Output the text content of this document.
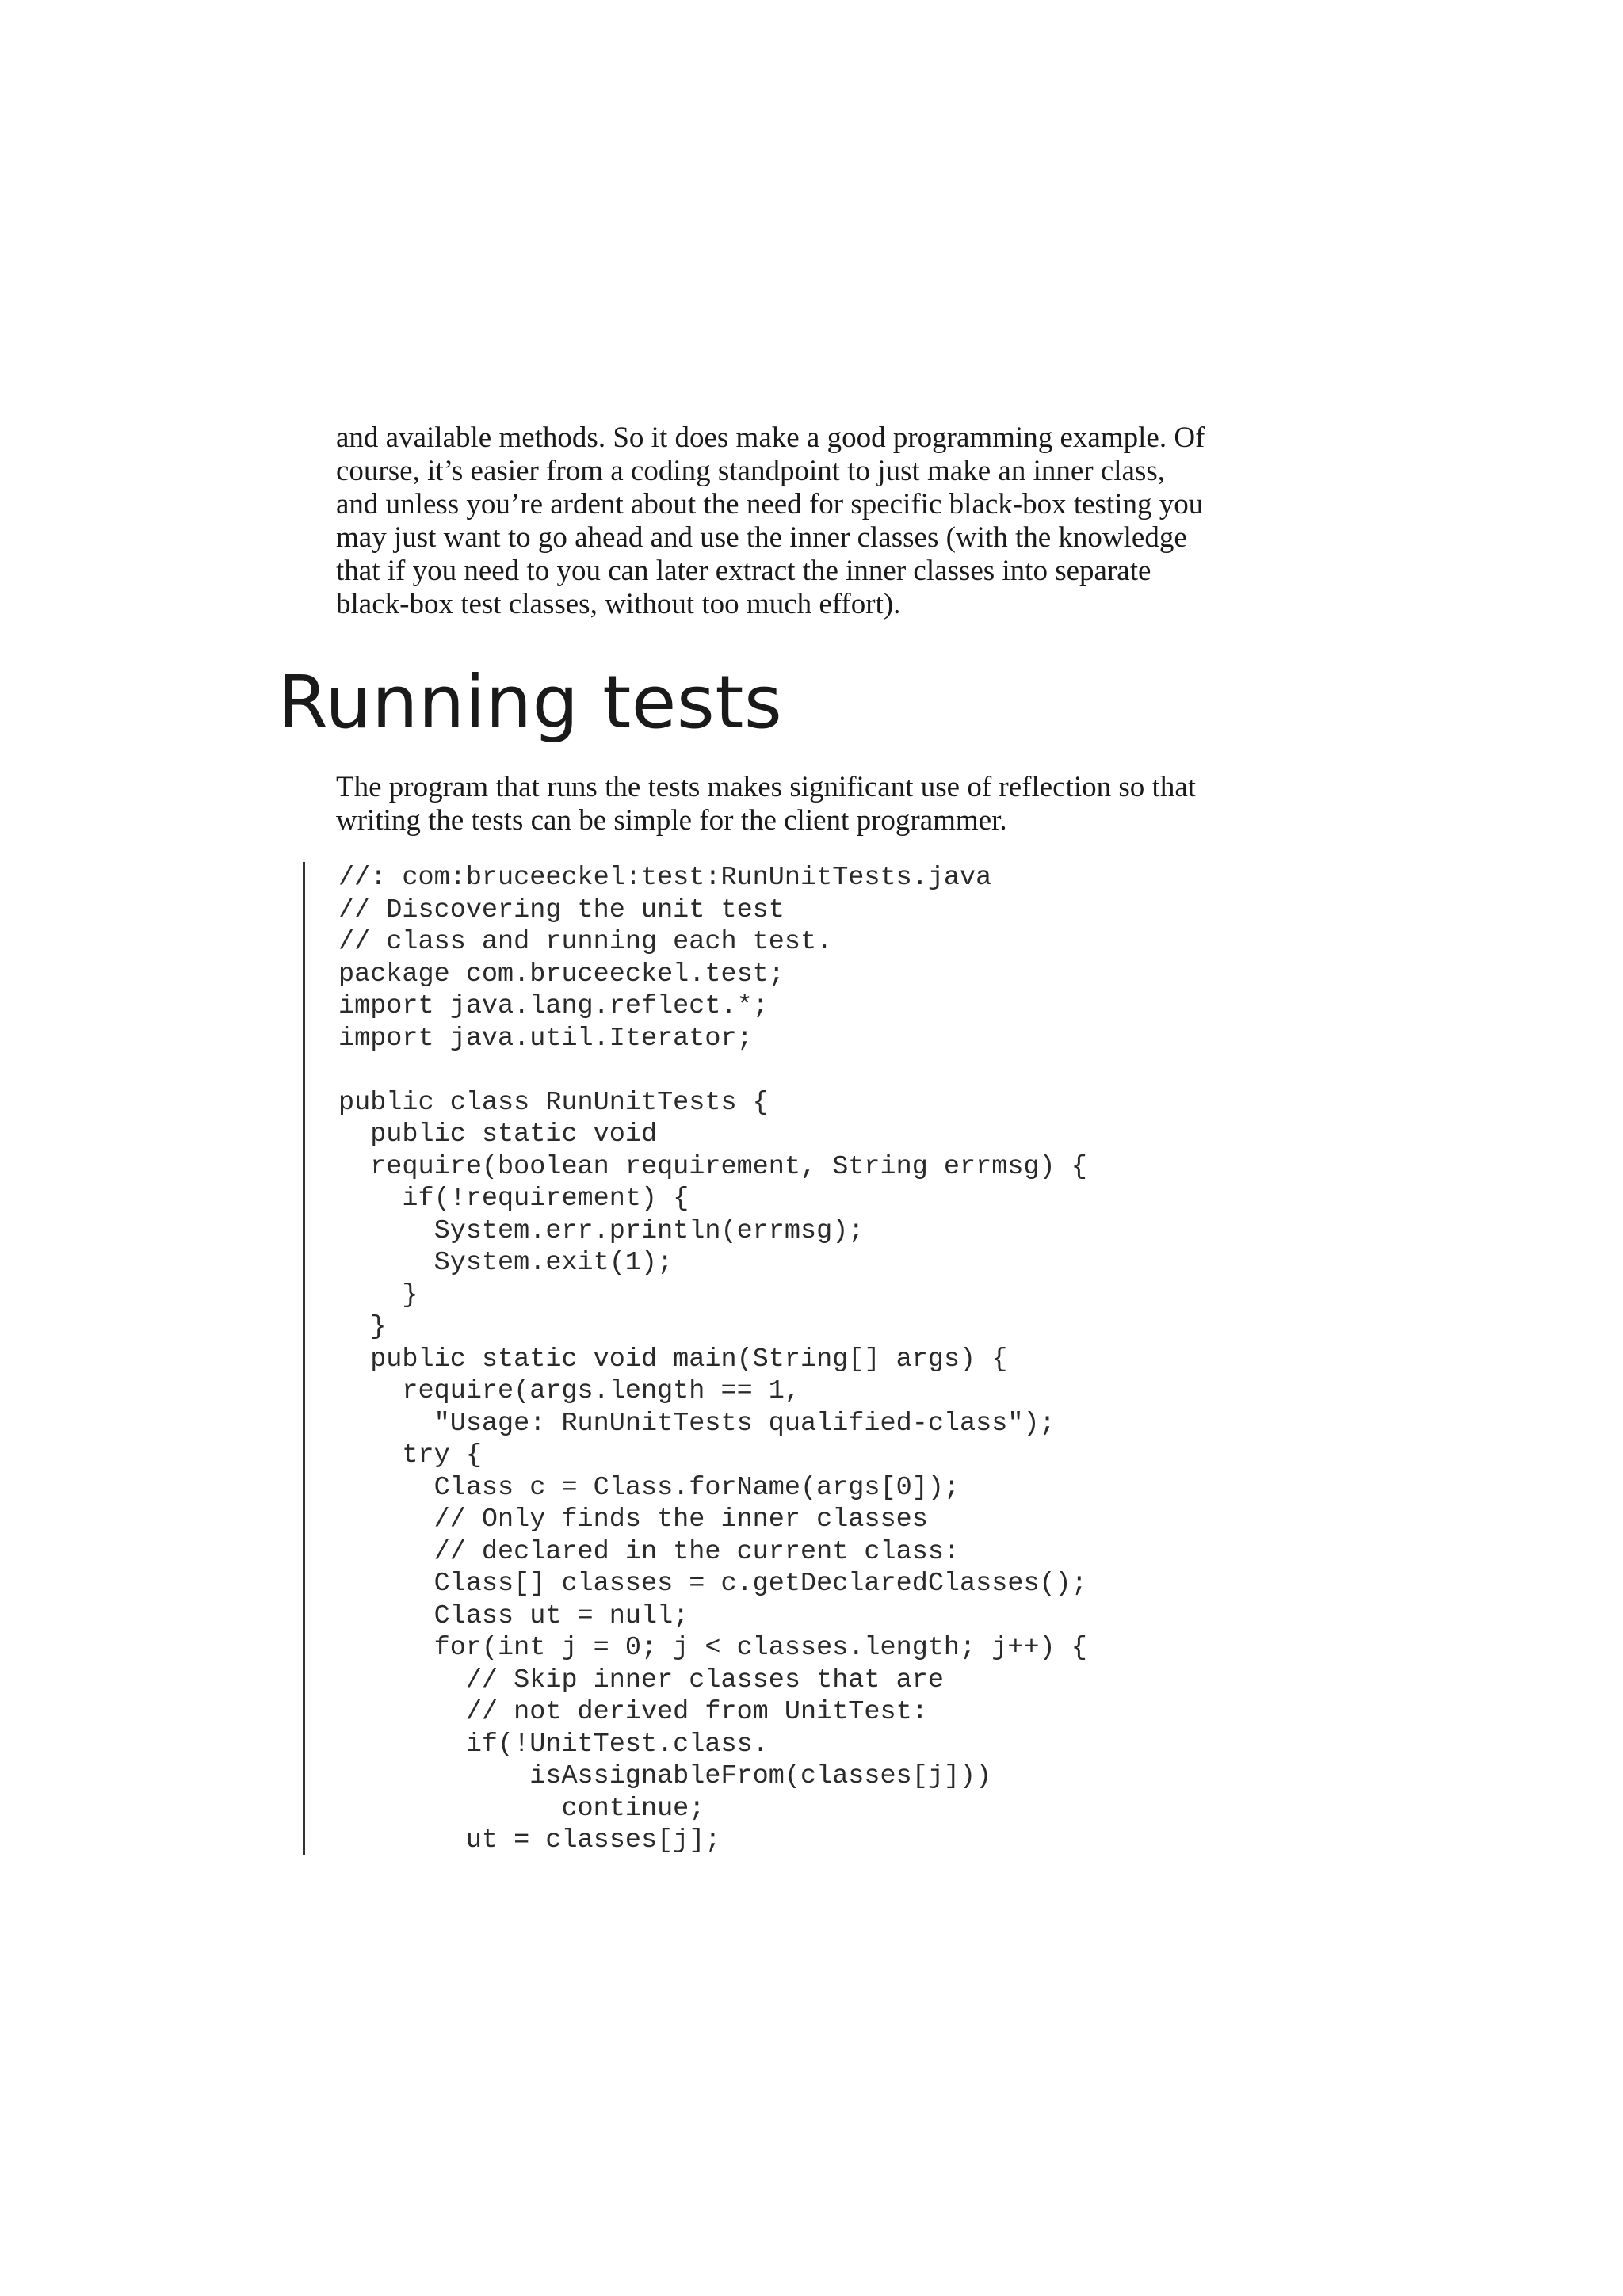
and available methods. So it does make a good programming example. Of
course, it’s easier from a coding standpoint to just make an inner class,
and unless you’re ardent about the need for specific black-box testing you
may just want to go ahead and use the inner classes (with the knowledge
that if you need to you can later extract the inner classes into separate
black-box test classes, without too much effort).
Running tests
The program that runs the tests makes significant use of reflection so that
writing the tests can be simple for the client programmer.
//: com:bruceeckel:test:RunUnitTests.java
// Discovering the unit test
// class and running each test.
package com.bruceeckel.test;
import java.lang.reflect.*;
import java.util.Iterator;
public class RunUnitTests {
public static void
require(boolean requirement, String errmsg) {
if(!requirement) {
System.err.println(errmsg);
System.exit(1);
}
}
public static void main(String[] args) {
require(args.length == 1,
"Usage: RunUnitTests qualified-class");
try {
Class c = Class.forName(args[0]);
// Only finds the inner classes
// declared in the current class:
Class[] classes = c.getDeclaredClasses();
Class ut = null;
for(int j = 0; j < classes.length; j++) {
// Skip inner classes that are
// not derived from UnitTest:
if(!UnitTest.class.
isAssignableFrom(classes[j]))
continue;
ut = classes[j];
